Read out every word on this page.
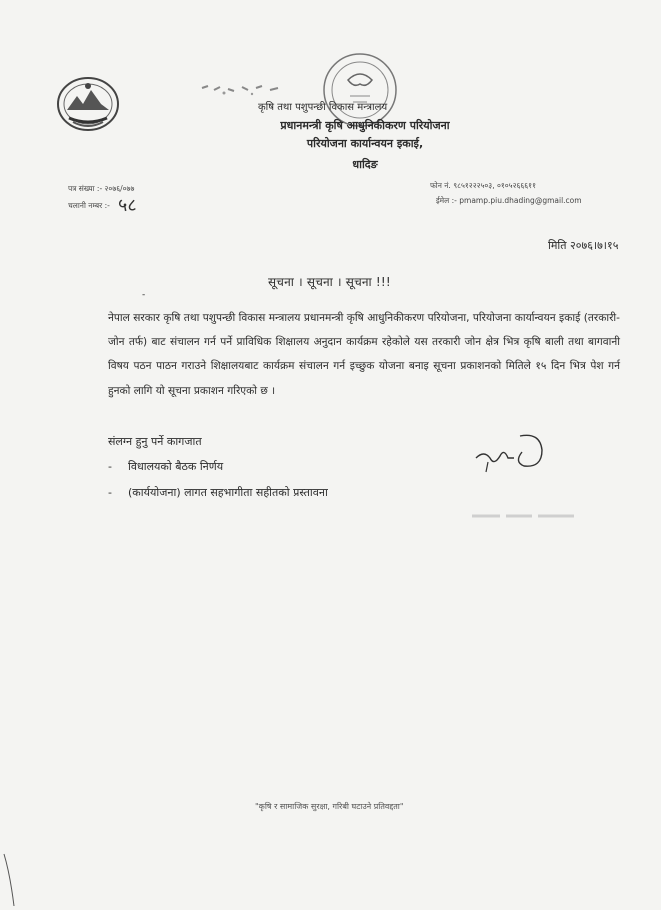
कृषि तथा पशुपन्छी विकास मन्त्रालय
प्रधानमन्त्री कृषि आधुनिकीकरण परियोजना
परियोजना कार्यान्वयन इकाई,
धादिङ
पत्र संख्या :- २०७६/०७७
चलानी नम्बर :- ५८
फोन नं. ९८५१२२२५०३, ०१०५२६६६११
ईमेल :- pmamp.piu.dhading@gmail.com
मिति २०७६।७।१५
सूचना । सूचना । सूचना !!!
-
नेपाल सरकार कृषि तथा पशुपन्छी विकास मन्त्रालय प्रधानमन्त्री कृषि आधुनिकीकरण परियोजना, परियोजना कार्यान्वयन इकाई (तरकारी-जोन तर्फ) बाट संचालन गर्न पर्ने प्राविधिक शिक्षालय अनुदान कार्यक्रम रहेकोले यस तरकारी जोन क्षेत्र भित्र कृषि बाली तथा बागवानी विषय पठन पाठन गराउने शिक्षालयबाट कार्यक्रम संचालन गर्न इच्छुक योजना बनाइ सूचना प्रकाशनको मितिले १५ दिन भित्र पेश गर्न हुनको लागि यो सूचना प्रकाशन गरिएको छ ।
संलग्न हुनु पर्ने कागजात
- विधालयको बैठक निर्णय
- (कार्ययोजना) लागत सहभागीता सहीतको प्रस्तावना
"कृषि र सामाजिक सुरक्षा, गरिबी घटाउने प्रतिवद्दता"
